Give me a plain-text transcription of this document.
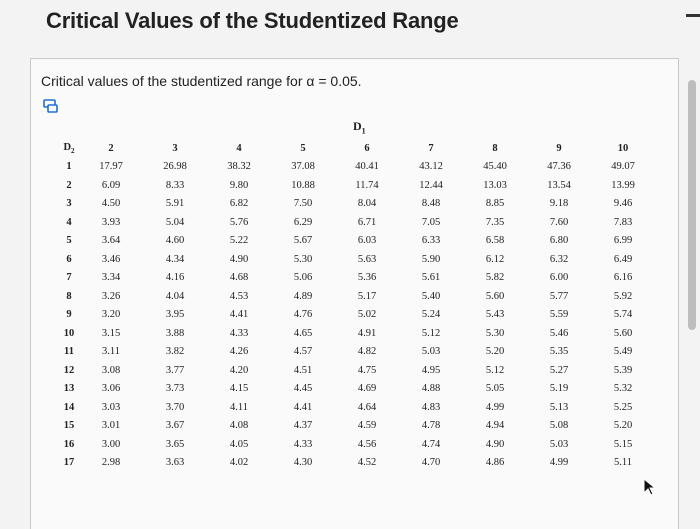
Critical Values of the Studentized Range
Critical values of the studentized range for α = 0.05.
$D_1$
$D_2$	2	3	4	5	6	7	8	9	10
1	17.97	26.98	38.32	37.08	40.41	43.12	45.40	47.36	49.07
2	6.09	8.33	9.80	10.88	11.74	12.44	13.03	13.54	13.99
3	4.50	5.91	6.82	7.50	8.04	8.48	8.85	9.18	9.46
4	3.93	5.04	5.76	6.29	6.71	7.05	7.35	7.60	7.83
5	3.64	4.60	5.22	5.67	6.03	6.33	6.58	6.80	6.99
6	3.46	4.34	4.90	5.30	5.63	5.90	6.12	6.32	6.49
7	3.34	4.16	4.68	5.06	5.36	5.61	5.82	6.00	6.16
8	3.26	4.04	4.53	4.89	5.17	5.40	5.60	5.77	5.92
9	3.20	3.95	4.41	4.76	5.02	5.24	5.43	5.59	5.74
10	3.15	3.88	4.33	4.65	4.91	5.12	5.30	5.46	5.60
11	3.11	3.82	4.26	4.57	4.82	5.03	5.20	5.35	5.49
12	3.08	3.77	4.20	4.51	4.75	4.95	5.12	5.27	5.39
13	3.06	3.73	4.15	4.45	4.69	4.88	5.05	5.19	5.32
14	3.03	3.70	4.11	4.41	4.64	4.83	4.99	5.13	5.25
15	3.01	3.67	4.08	4.37	4.59	4.78	4.94	5.08	5.20
16	3.00	3.65	4.05	4.33	4.56	4.74	4.90	5.03	5.15
17	2.98	3.63	4.02	4.30	4.52	4.70	4.86	4.99	5.11
